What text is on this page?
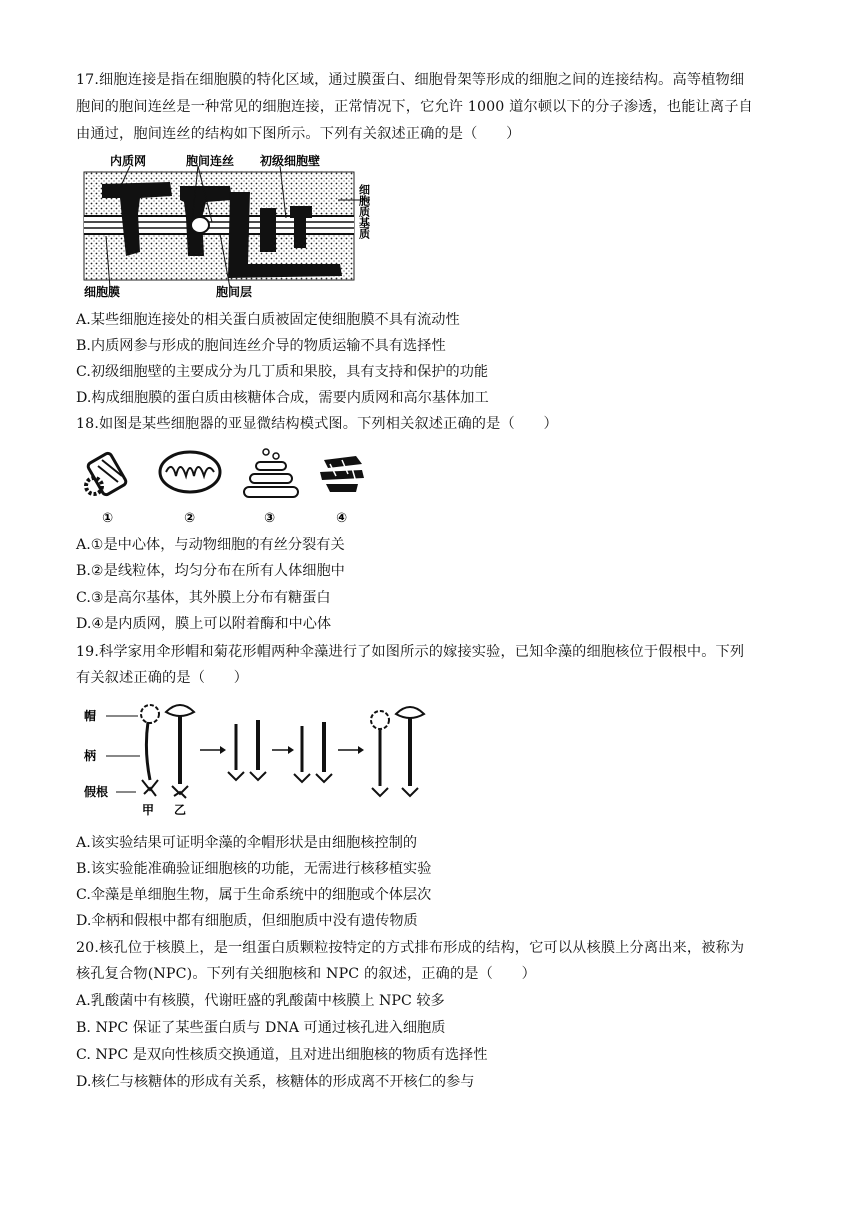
17.细胞连接是指在细胞膜的特化区域，通过膜蛋白、细胞骨架等形成的细胞之间的连接结构。高等植物细
胞间的胞间连丝是一种常见的细胞连接，正常情况下，它允许 1000 道尔顿以下的分子渗透，也能让离子自
由通过，胞间连丝的结构如下图所示。下列有关叙述正确的是（　　）
内质网	胞间连丝 初级细胞壁
细胞质基质
细胞膜	胞间层
A.某些细胞连接处的相关蛋白质被固定使细胞膜不具有流动性
B.内质网参与形成的胞间连丝介导的物质运输不具有选择性
C.初级细胞壁的主要成分为几丁质和果胶，具有支持和保护的功能
D.构成细胞膜的蛋白质由核糖体合成，需要内质网和高尔基体加工
18.如图是某些细胞器的亚显微结构模式图。下列相关叙述正确的是（　　）
①	②	③	④
A.①是中心体，与动物细胞的有丝分裂有关
B.②是线粒体，均匀分布在所有人体细胞中
C.③是高尔基体，其外膜上分布有糖蛋白
D.④是内质网，膜上可以附着酶和中心体
19.科学家用伞形帽和菊花形帽两种伞藻进行了如图所示的嫁接实验，已知伞藻的细胞核位于假根中。下列
有关叙述正确的是（　　）
帽
柄
假根
甲 乙
A.该实验结果可证明伞藻的伞帽形状是由细胞核控制的
B.该实验能准确验证细胞核的功能，无需进行核移植实验
C.伞藻是单细胞生物，属于生命系统中的细胞或个体层次
D.伞柄和假根中都有细胞质，但细胞质中没有遗传物质
20.核孔位于核膜上，是一组蛋白质颗粒按特定的方式排布形成的结构，它可以从核膜上分离出来，被称为
核孔复合物(NPC)。下列有关细胞核和 NPC 的叙述，正确的是（　　）
A.乳酸菌中有核膜，代谢旺盛的乳酸菌中核膜上 NPC 较多
B. NPC 保证了某些蛋白质与 DNA 可通过核孔进入细胞质
C. NPC 是双向性核质交换通道，且对进出细胞核的物质有选择性
D.核仁与核糖体的形成有关系，核糖体的形成离不开核仁的参与
